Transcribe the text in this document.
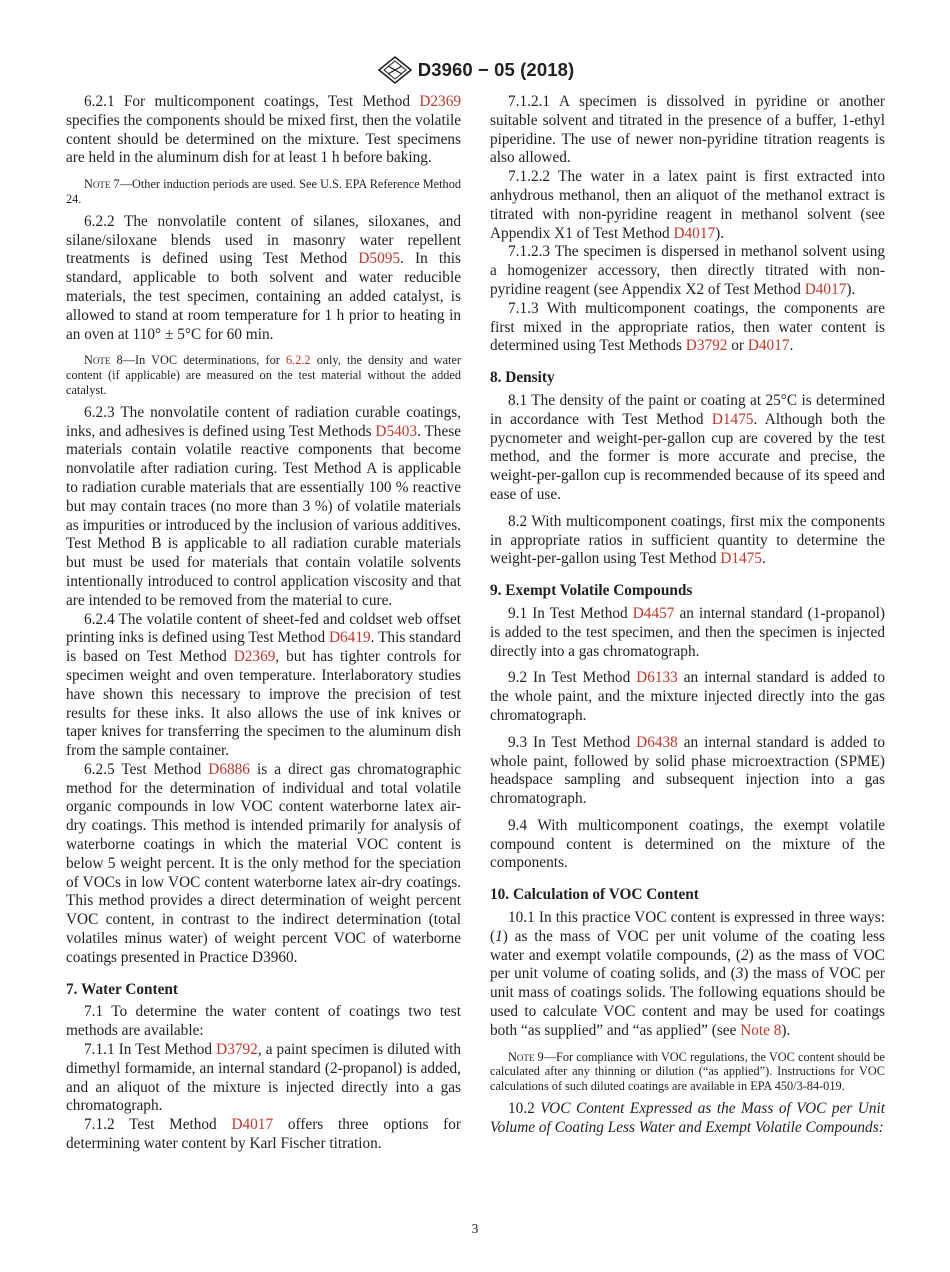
D3960 − 05 (2018)

6.2.1 For multicomponent coatings, Test Method D2369 specifies the components should be mixed first, then the volatile content should be determined on the mixture. Test specimens are held in the aluminum dish for at least 1 h before baking.

Note 7—Other induction periods are used. See U.S. EPA Reference Method 24.

6.2.2 The nonvolatile content of silanes, siloxanes, and silane/siloxane blends used in masonry water repellent treatments is defined using Test Method D5095. In this standard, applicable to both solvent and water reducible materials, the test specimen, containing an added catalyst, is allowed to stand at room temperature for 1 h prior to heating in an oven at 110° ± 5°C for 60 min.

Note 8—In VOC determinations, for 6.2.2 only, the density and water content (if applicable) are measured on the test material without the added catalyst.

6.2.3 The nonvolatile content of radiation curable coatings, inks, and adhesives is defined using Test Methods D5403. These materials contain volatile reactive components that become nonvolatile after radiation curing. Test Method A is applicable to radiation curable materials that are essentially 100 % reactive but may contain traces (no more than 3 %) of volatile materials as impurities or introduced by the inclusion of various additives. Test Method B is applicable to all radiation curable materials but must be used for materials that contain volatile solvents intentionally introduced to control application viscosity and that are intended to be removed from the material to cure.

6.2.4 The volatile content of sheet-fed and coldset web offset printing inks is defined using Test Method D6419. This standard is based on Test Method D2369, but has tighter controls for specimen weight and oven temperature. Interlaboratory studies have shown this necessary to improve the precision of test results for these inks. It also allows the use of ink knives or taper knives for transferring the specimen to the aluminum dish from the sample container.

6.2.5 Test Method D6886 is a direct gas chromatographic method for the determination of individual and total volatile organic compounds in low VOC content waterborne latex air-dry coatings. This method is intended primarily for analysis of waterborne coatings in which the material VOC content is below 5 weight percent. It is the only method for the speciation of VOCs in low VOC content waterborne latex air-dry coatings. This method provides a direct determination of weight percent VOC content, in contrast to the indirect determination (total volatiles minus water) of weight percent VOC of waterborne coatings presented in Practice D3960.

7. Water Content

7.1 To determine the water content of coatings two test methods are available:

7.1.1 In Test Method D3792, a paint specimen is diluted with dimethyl formamide, an internal standard (2-propanol) is added, and an aliquot of the mixture is injected directly into a gas chromatograph.

7.1.2 Test Method D4017 offers three options for determining water content by Karl Fischer titration.

7.1.2.1 A specimen is dissolved in pyridine or another suitable solvent and titrated in the presence of a buffer, 1-ethyl piperidine. The use of newer non-pyridine titration reagents is also allowed.

7.1.2.2 The water in a latex paint is first extracted into anhydrous methanol, then an aliquot of the methanol extract is titrated with non-pyridine reagent in methanol solvent (see Appendix X1 of Test Method D4017).

7.1.2.3 The specimen is dispersed in methanol solvent using a homogenizer accessory, then directly titrated with non-pyridine reagent (see Appendix X2 of Test Method D4017).

7.1.3 With multicomponent coatings, the components are first mixed in the appropriate ratios, then water content is determined using Test Methods D3792 or D4017.

8. Density

8.1 The density of the paint or coating at 25°C is determined in accordance with Test Method D1475. Although both the pycnometer and weight-per-gallon cup are covered by the test method, and the former is more accurate and precise, the weight-per-gallon cup is recommended because of its speed and ease of use.

8.2 With multicomponent coatings, first mix the components in appropriate ratios in sufficient quantity to determine the weight-per-gallon using Test Method D1475.

9. Exempt Volatile Compounds

9.1 In Test Method D4457 an internal standard (1-propanol) is added to the test specimen, and then the specimen is injected directly into a gas chromatograph.

9.2 In Test Method D6133 an internal standard is added to the whole paint, and the mixture injected directly into the gas chromatograph.

9.3 In Test Method D6438 an internal standard is added to whole paint, followed by solid phase microextraction (SPME) headspace sampling and subsequent injection into a gas chromatograph.

9.4 With multicomponent coatings, the exempt volatile compound content is determined on the mixture of the components.

10. Calculation of VOC Content

10.1 In this practice VOC content is expressed in three ways: (1) as the mass of VOC per unit volume of the coating less water and exempt volatile compounds, (2) as the mass of VOC per unit volume of coating solids, and (3) the mass of VOC per unit mass of coatings solids. The following equations should be used to calculate VOC content and may be used for coatings both “as supplied” and “as applied” (see Note 8).

Note 9—For compliance with VOC regulations, the VOC content should be calculated after any thinning or dilution (“as applied”). Instructions for VOC calculations of such diluted coatings are available in EPA 450/3-84-019.

10.2 VOC Content Expressed as the Mass of VOC per Unit Volume of Coating Less Water and Exempt Volatile Compounds:

3
